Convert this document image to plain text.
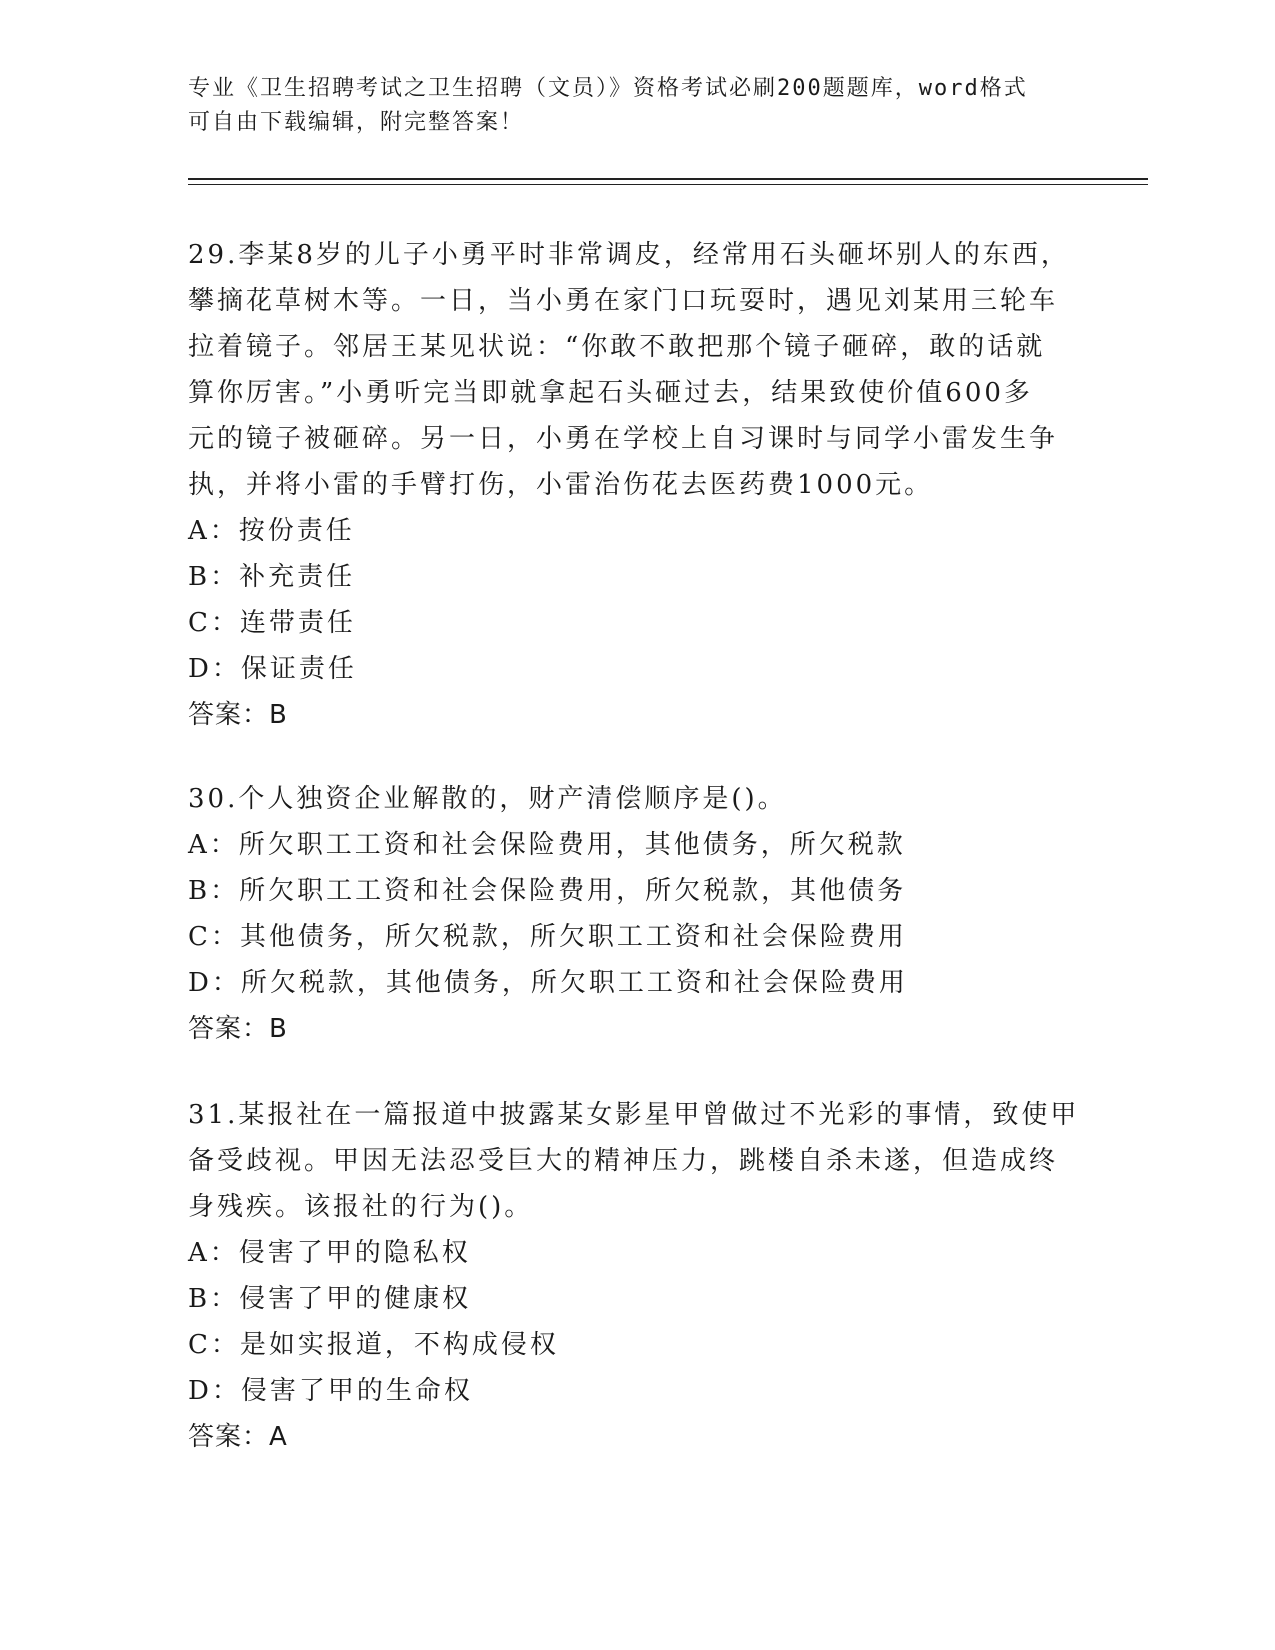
专业《卫生招聘考试之卫生招聘（文员）》资格考试必刷200题题库，word格式
可自由下载编辑，附完整答案！
29.李某8岁的儿子小勇平时非常调皮，经常用石头砸坏别人的东西，
攀摘花草树木等。一日，当小勇在家门口玩耍时，遇见刘某用三轮车
拉着镜子。邻居王某见状说：“你敢不敢把那个镜子砸碎，敢的话就
算你厉害。”小勇听完当即就拿起石头砸过去，结果致使价值600多
元的镜子被砸碎。另一日，小勇在学校上自习课时与同学小雷发生争
执，并将小雷的手臂打伤，小雷治伤花去医药费1000元。
A：按份责任
B：补充责任
C：连带责任
D：保证责任
答案：B
30.个人独资企业解散的，财产清偿顺序是()。
A：所欠职工工资和社会保险费用，其他债务，所欠税款
B：所欠职工工资和社会保险费用，所欠税款，其他债务
C：其他债务，所欠税款，所欠职工工资和社会保险费用
D：所欠税款，其他债务，所欠职工工资和社会保险费用
答案：B
31.某报社在一篇报道中披露某女影星甲曾做过不光彩的事情，致使甲
备受歧视。甲因无法忍受巨大的精神压力，跳楼自杀未遂，但造成终
身残疾。该报社的行为()。
A：侵害了甲的隐私权
B：侵害了甲的健康权
C：是如实报道，不构成侵权
D：侵害了甲的生命权
答案：A
